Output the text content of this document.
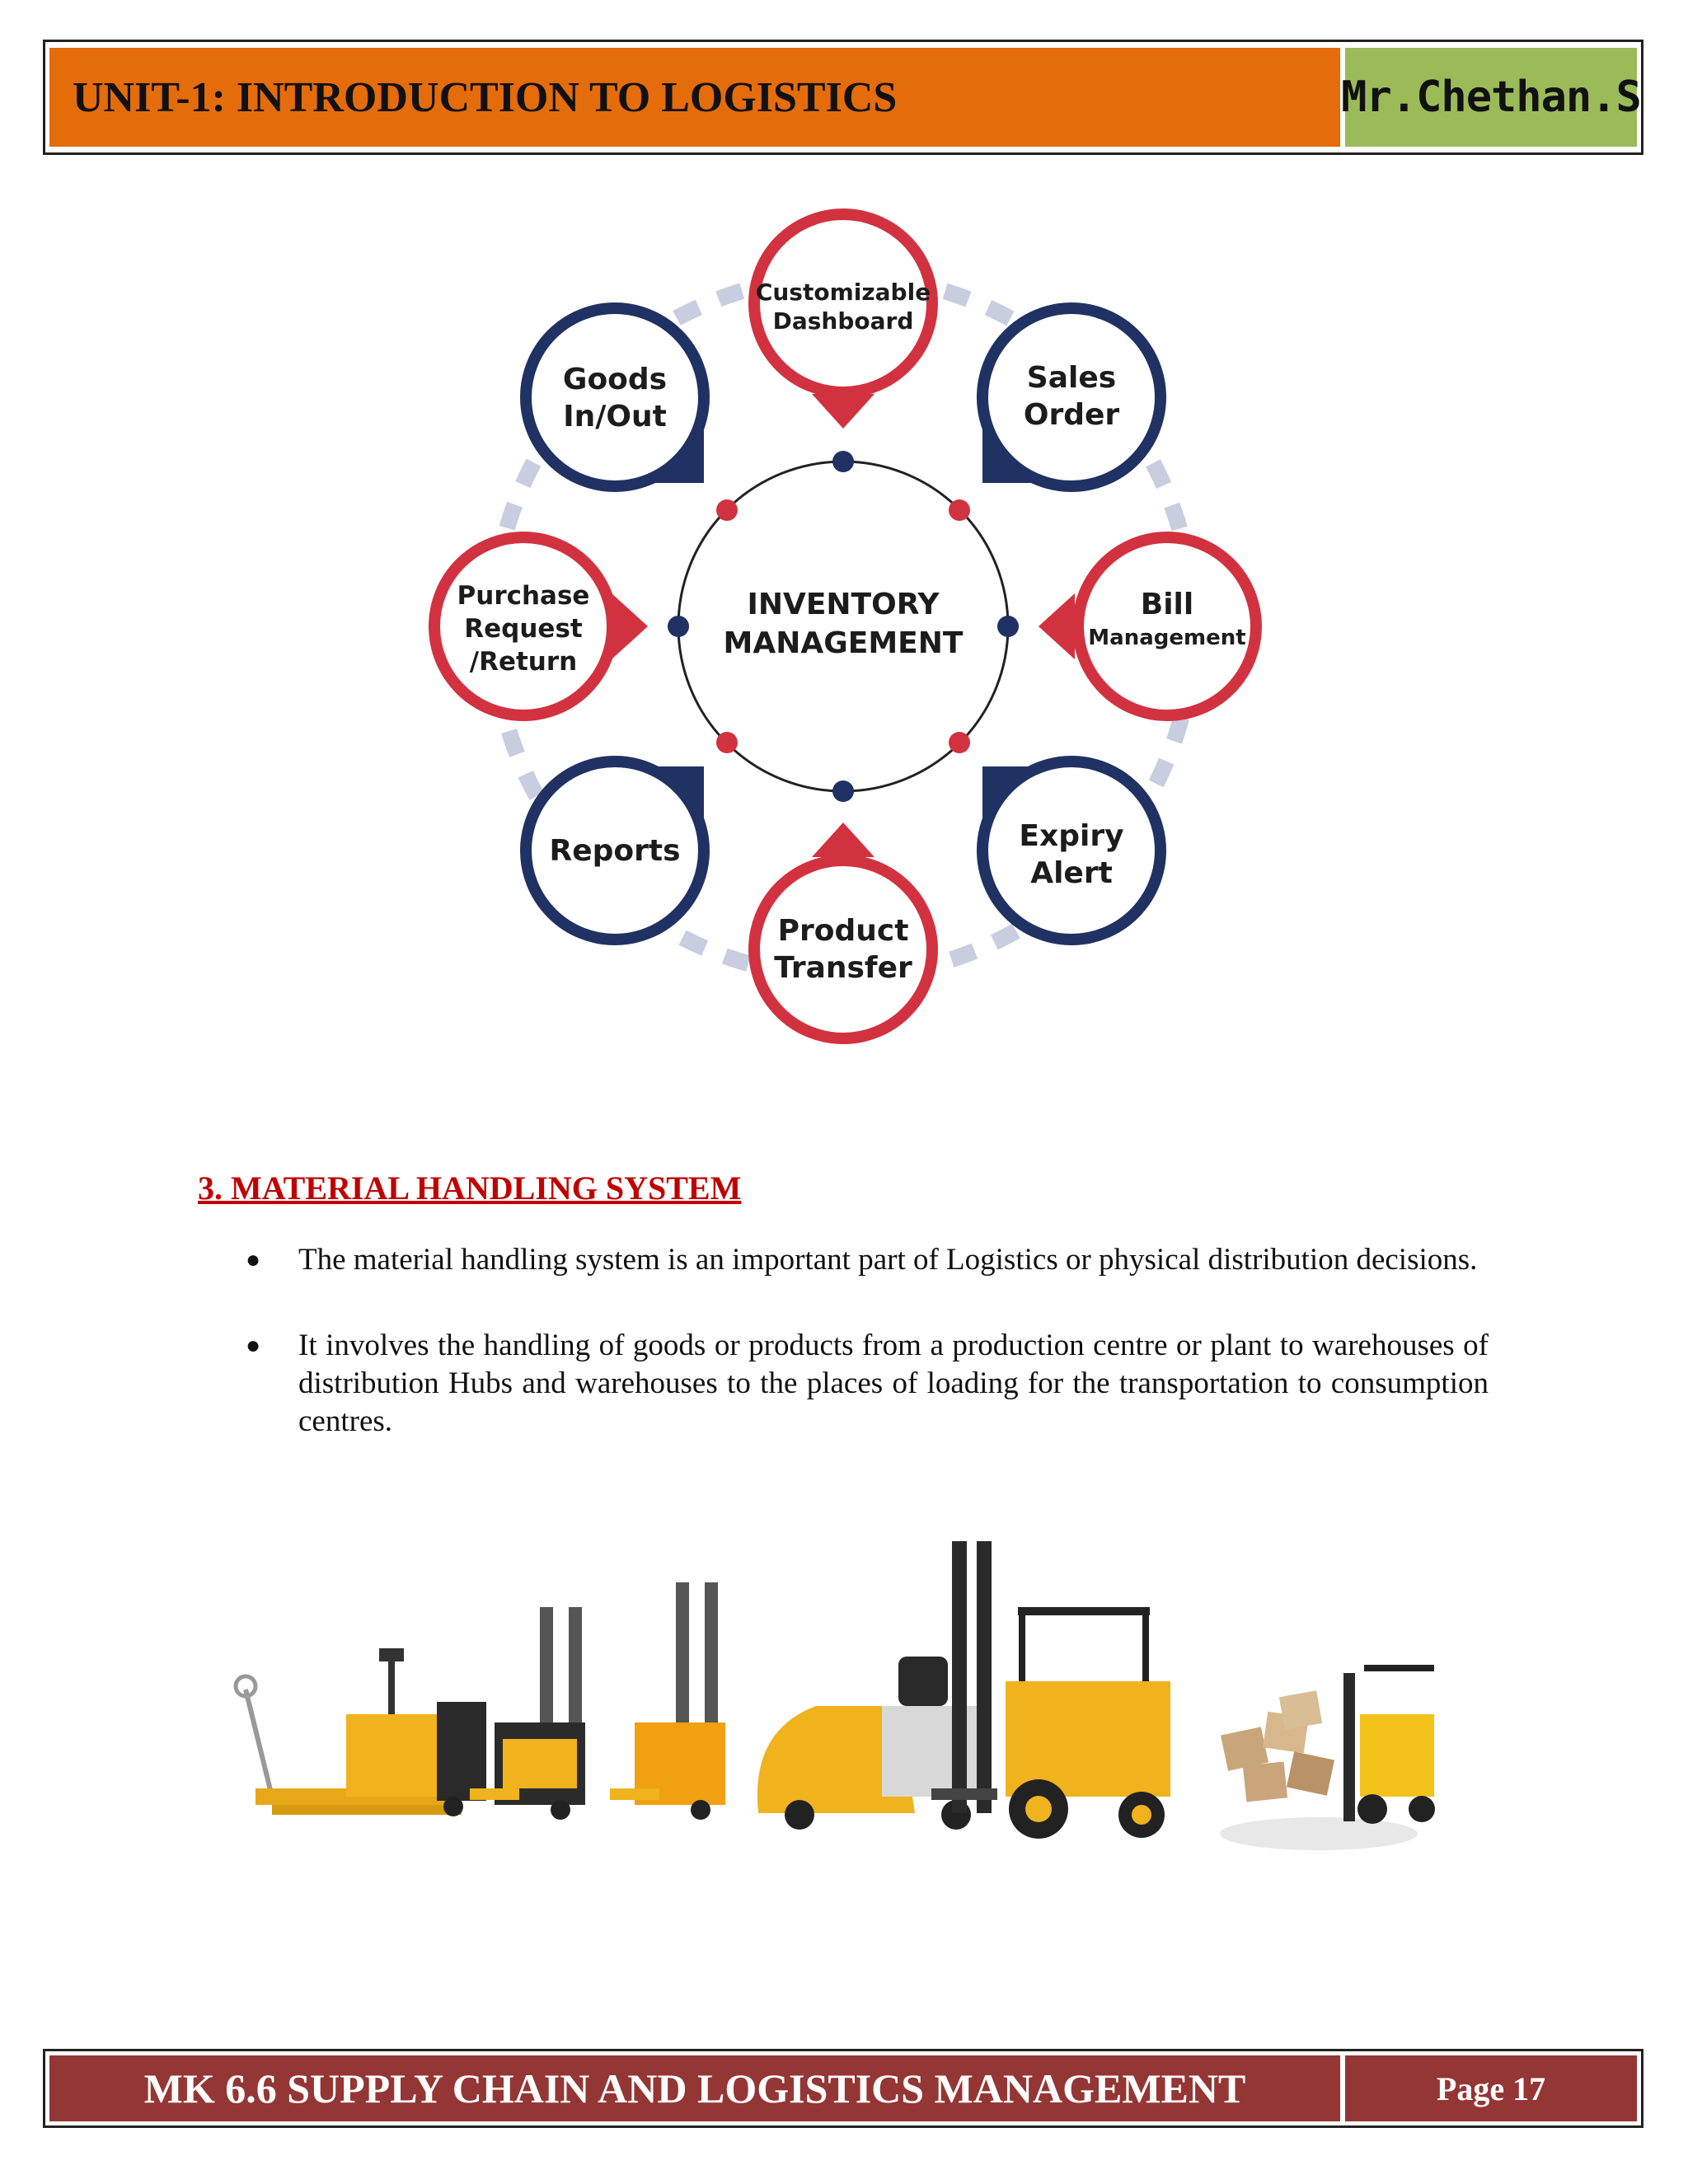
UNIT-1: INTRODUCTION TO LOGISTICS	Mr.Chethan.S
INVENTORY
MANAGEMENT
Customizable
Dashboard
Product
Transfer
Purchase
Request
/Return
Bill
Management
Goods
In/Out
Sales
Order
Reports	Expiry
Alert
3. MATERIAL HANDLING SYSTEM
● The material handling system is an important part of Logistics or physical distribution decisions.
● It involves the handling of goods or products from a production centre or plant to warehouses of distribution Hubs and warehouses to the places of loading for the transportation to consumption centres.
MK 6.6 SUPPLY CHAIN AND LOGISTICS MANAGEMENT	Page 17
